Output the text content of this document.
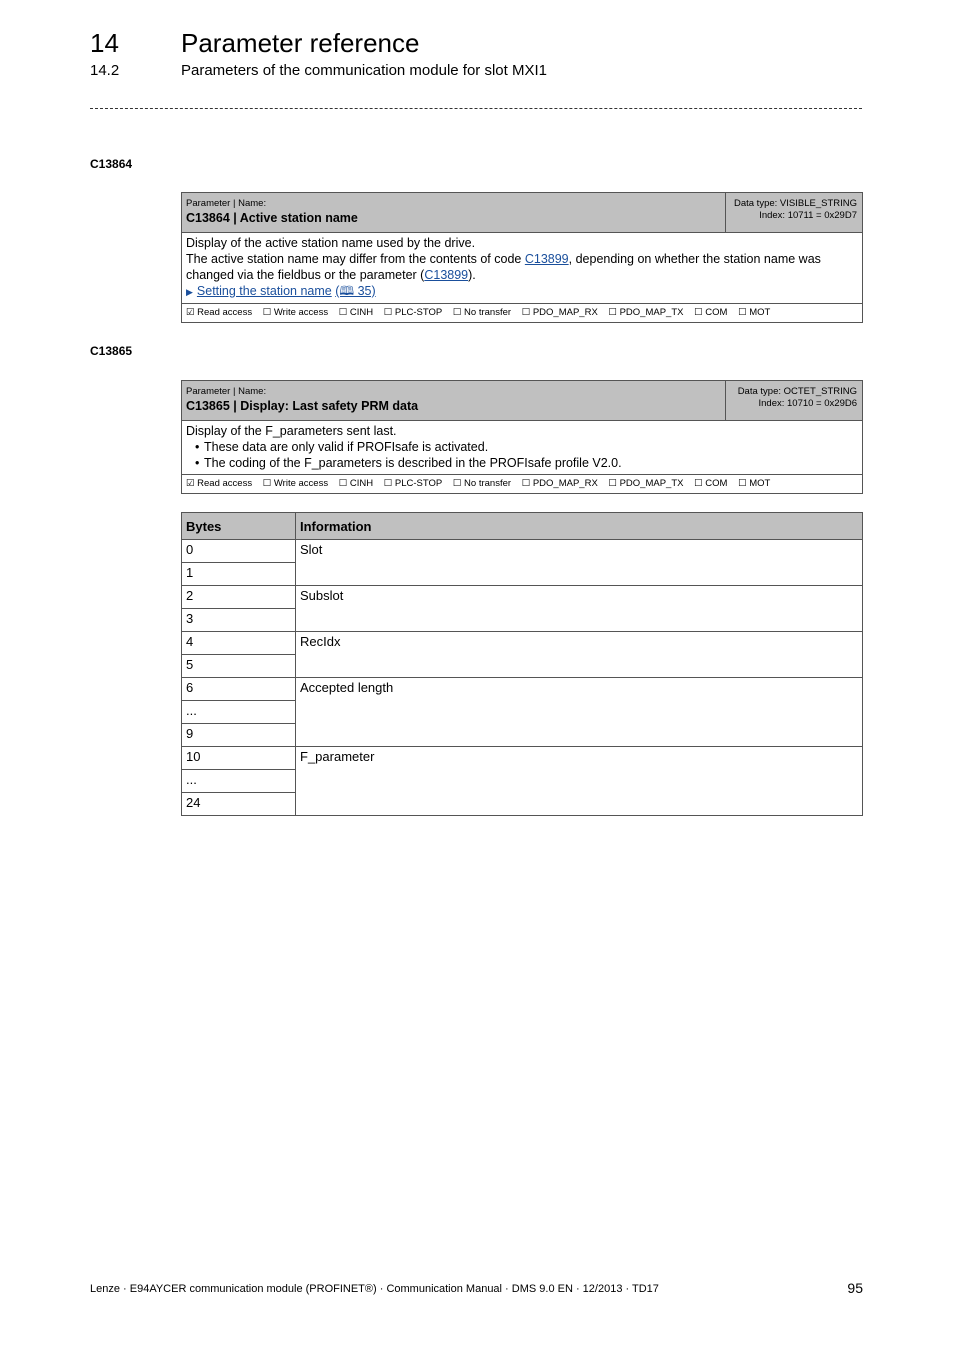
14 Parameter reference
14.2	Parameters of the communication module for slot MXI1
C13864
Parameter | Name:
C13864 | Active station name
Data type: VISIBLE_STRING
Index: 10711 = 0x29D7
Display of the active station name used by the drive.
The active station name may differ from the contents of code C13899, depending on whether the station name was changed via the fieldbus or the parameter (C13899).
▶ Setting the station name (🕮 35)
☑ Read access ☐ Write access ☐ CINH ☐ PLC-STOP ☐ No transfer ☐ PDO_MAP_RX ☐ PDO_MAP_TX ☐ COM ☐ MOT
C13865
Parameter | Name:
C13865 | Display: Last safety PRM data
Data type: OCTET_STRING
Index: 10710 = 0x29D6
Display of the F_parameters sent last.
• These data are only valid if PROFIsafe is activated.
• The coding of the F_parameters is described in the PROFIsafe profile V2.0.
☑ Read access ☐ Write access ☐ CINH ☐ PLC-STOP ☐ No transfer ☐ PDO_MAP_RX ☐ PDO_MAP_TX ☐ COM ☐ MOT
Bytes	Information
0	Slot
1	
2	Subslot
3	
4	RecIdx
5	
6	Accepted length
...	
9	
10	F_parameter
...	
24	
Lenze · E94AYCER communication module (PROFINET®) · Communication Manual · DMS 9.0 EN · 12/2013 · TD17	95
